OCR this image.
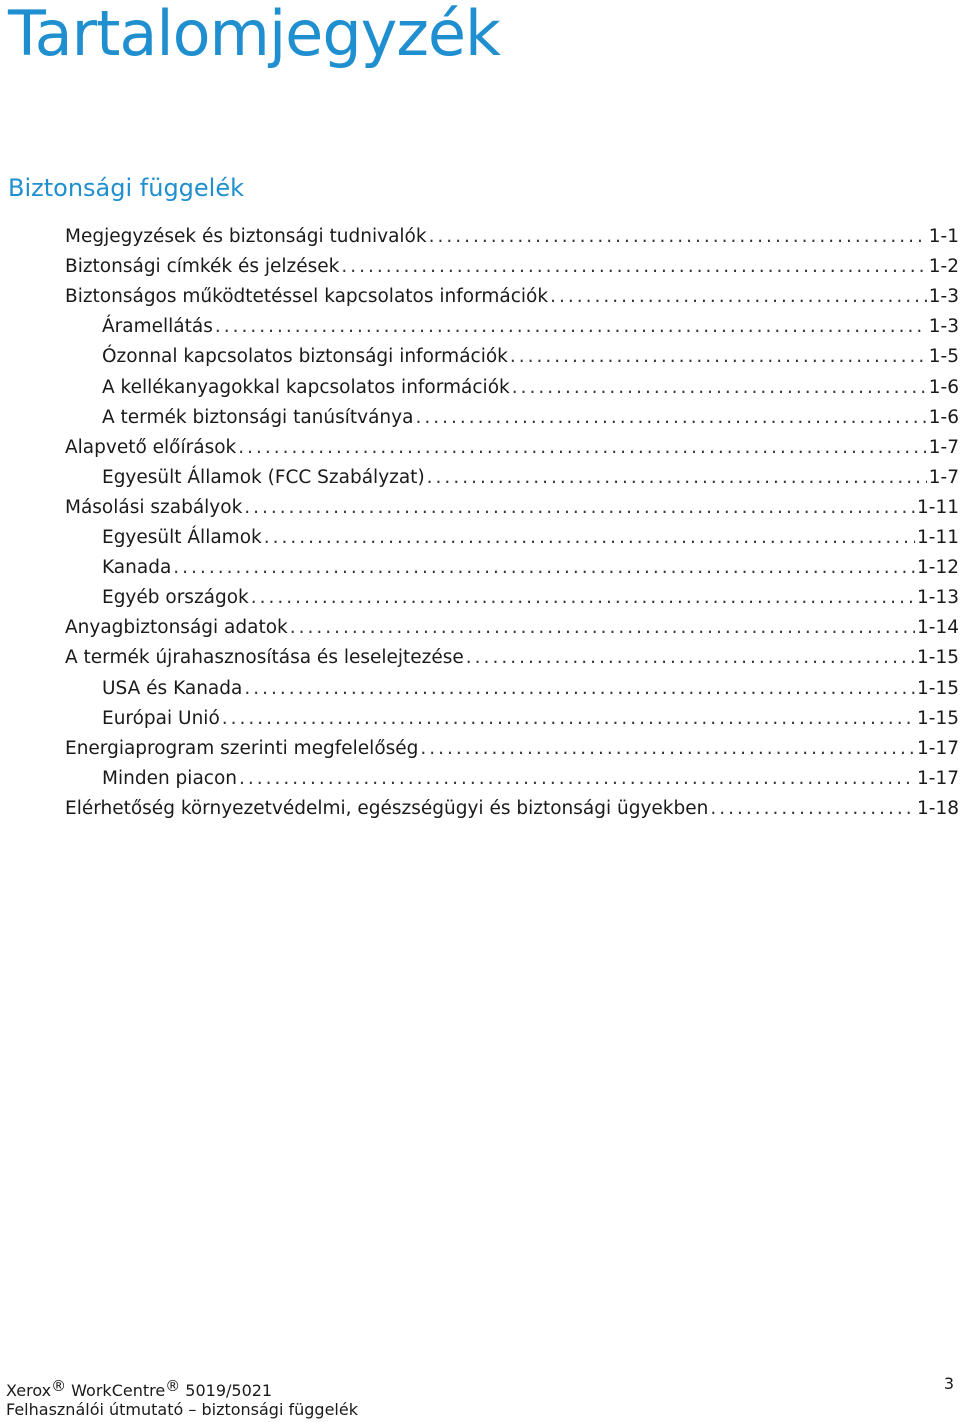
Tartalomjegyzék
Biztonsági függelék
Megjegyzések és biztonsági tudnivalók .....	1-1
Biztonsági címkék és jelzések .....	1-2
Biztonságos működtetéssel kapcsolatos információk .....	1-3
Áramellátás .....	1-3
Ózonnal kapcsolatos biztonsági információk .....	1-5
A kellékanyagokkal kapcsolatos információk .....	1-6
A termék biztonsági tanúsítványa .....	1-6
Alapvető előírások .....	1-7
Egyesült Államok (FCC Szabályzat) .....	1-7
Másolási szabályok .....	1-11
Egyesült Államok .....	1-11
Kanada .....	1-12
Egyéb országok .....	1-13
Anyagbiztonsági adatok .....	1-14
A termék újrahasznosítása és leselejtezése .....	1-15
USA és Kanada .....	1-15
Európai Unió .....	1-15
Energiaprogram szerinti megfelelőség .....	1-17
Minden piacon .....	1-17
Elérhetőség környezetvédelmi, egészségügyi és biztonsági ügyekben .....	1-18
Xerox® WorkCentre® 5019/5021
Felhasználói útmutató – biztonsági függelék
3
